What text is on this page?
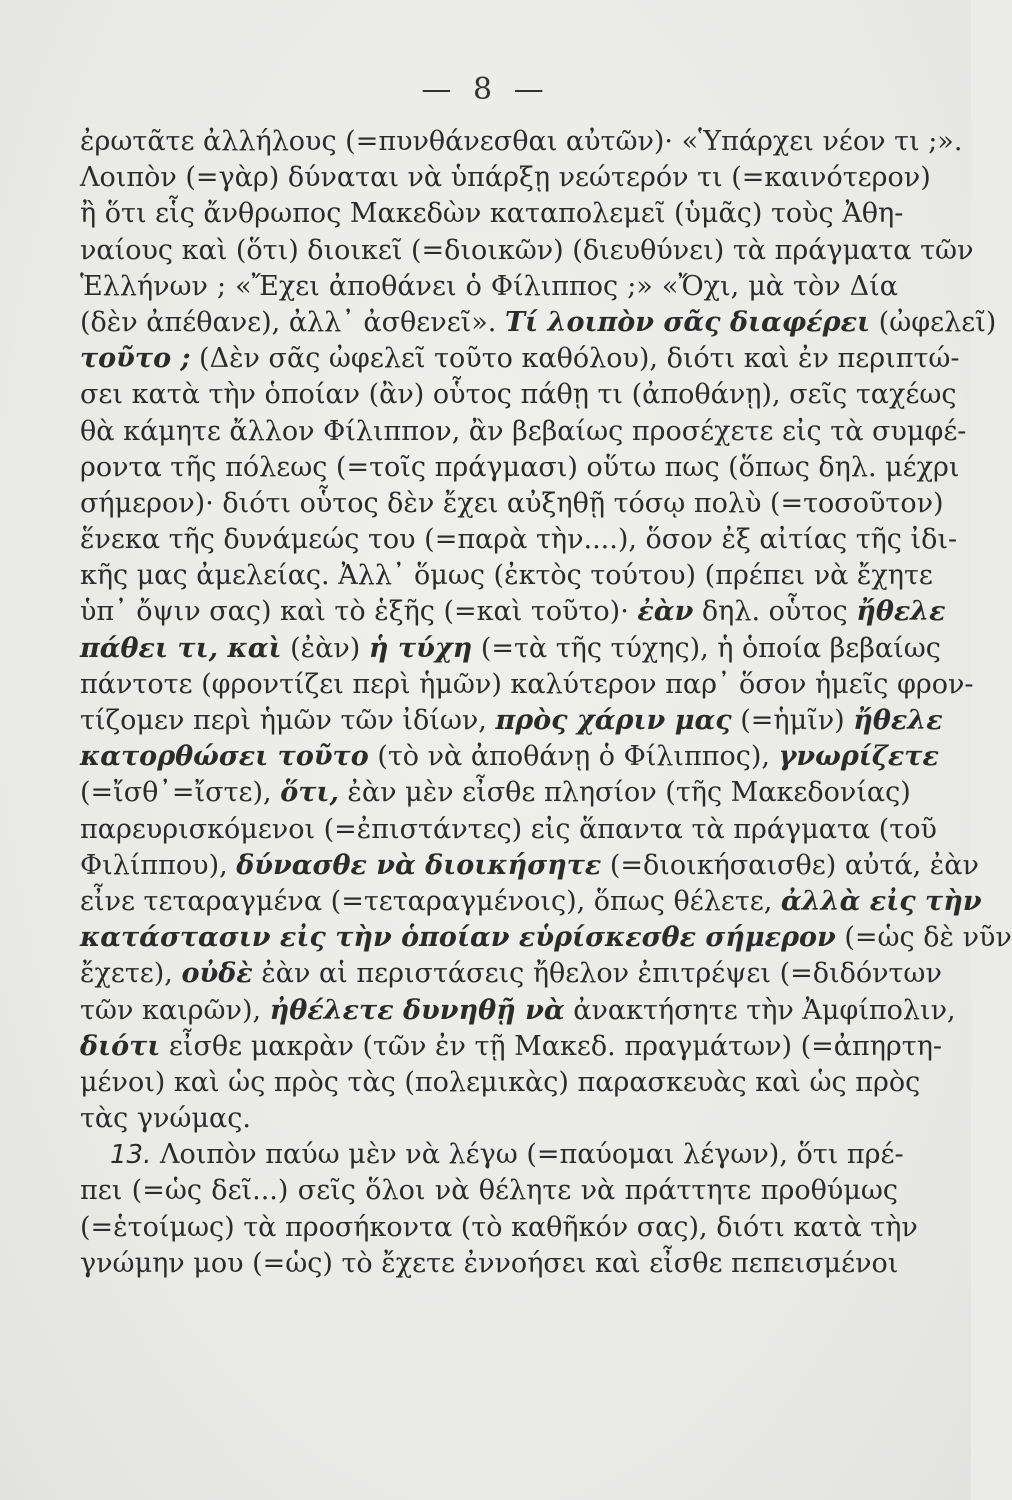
— 8 —
ἐρωτᾶτε ἀλλήλους (=πυνθάνεσθαι αὐτῶν)· «Ὑπάρχει νέον τι ;».
Λοιπὸν (=γὰρ) δύναται νὰ ὑπάρξῃ νεώτερόν τι (=καινότερον)
ἢ ὅτι εἷς ἄνθρωπος Μακεδὼν καταπολεμεῖ (ὑμᾶς) τοὺς Ἀθη-
ναίους καὶ (ὅτι) διοικεῖ (=διοικῶν) (διευθύνει) τὰ πράγματα τῶν
Ἑλλήνων ; «Ἔχει ἀποθάνει ὁ Φίλιππος ;» «Ὄχι, μὰ τὸν Δία
(δὲν ἀπέθανε), ἀλλ᾽ ἀσθενεῖ». Τί λοιπὸν σᾶς διαφέρει (ὠφελεῖ)
τοῦτο ; (Δὲν σᾶς ὠφελεῖ τοῦτο καθόλου), διότι καὶ ἐν περιπτώ-
σει κατὰ τὴν ὁποίαν (ἂν) οὗτος πάθῃ τι (ἀποθάνῃ), σεῖς ταχέως
θὰ κάμητε ἄλλον Φίλιππον, ἂν βεβαίως προσέχετε εἰς τὰ συμφέ-
ροντα τῆς πόλεως (=τοῖς πράγμασι) οὕτω πως (ὅπως δηλ. μέχρι
σήμερον)· διότι οὗτος δὲν ἔχει αὐξηθῇ τόσῳ πολὺ (=τοσοῦτον)
ἕνεκα τῆς δυνάμεώς του (=παρὰ τὴν....), ὅσον ἐξ αἰτίας τῆς ἰδι-
κῆς μας ἀμελείας. Ἀλλ᾽ ὅμως (ἐκτὸς τούτου) (πρέπει νὰ ἔχητε
ὑπ᾽ ὄψιν σας) καὶ τὸ ἑξῆς (=καὶ τοῦτο)· ἐὰν δηλ. οὗτος ἤθελε
πάθει τι, καὶ (ἐὰν) ἡ τύχη (=τὰ τῆς τύχης), ἡ ὁποία βεβαίως
πάντοτε (φροντίζει περὶ ἡμῶν) καλύτερον παρ᾽ ὅσον ἡμεῖς φρον-
τίζομεν περὶ ἡμῶν τῶν ἰδίων, πρὸς χάριν μας (=ἡμῖν) ἤθελε
κατορθώσει τοῦτο (τὸ νὰ ἀποθάνῃ ὁ Φίλιππος), γνωρίζετε
(=ἴσθ᾽=ἴστε), ὅτι, ἐὰν μὲν εἶσθε πλησίον (τῆς Μακεδονίας)
παρευρισκόμενοι (=ἐπιστάντες) εἰς ἅπαντα τὰ πράγματα (τοῦ
Φιλίππου), δύνασθε νὰ διοικήσητε (=διοικήσαισθε) αὐτά, ἐὰν
εἶνε τεταραγμένα (=τεταραγμένοις), ὅπως θέλετε, ἀλλὰ εἰς τὴν
κατάστασιν εἰς τὴν ὁποίαν εὑρίσκεσθε σήμερον (=ὡς δὲ νῦν
ἔχετε), οὐδὲ ἐὰν αἱ περιστάσεις ἤθελον ἐπιτρέψει (=διδόντων
τῶν καιρῶν), ἠθέλετε δυνηθῇ νὰ ἀνακτήσητε τὴν Ἀμφίπολιν,
διότι εἶσθε μακρὰν (τῶν ἐν τῇ Μακεδ. πραγμάτων) (=ἀπηρτη-
μένοι) καὶ ὡς πρὸς τὰς (πολεμικὰς) παρασκευὰς καὶ ὡς πρὸς
τὰς γνώμας.
13. Λοιπὸν παύω μὲν νὰ λέγω (=παύομαι λέγων), ὅτι πρέ-
πει (=ὡς δεῖ...) σεῖς ὅλοι νὰ θέλητε νὰ πράττητε προθύμως
(=ἑτοίμως) τὰ προσήκοντα (τὸ καθῆκόν σας), διότι κατὰ τὴν
γνώμην μου (=ὡς) τὸ ἔχετε ἐννοήσει καὶ εἶσθε πεπεισμένοι
